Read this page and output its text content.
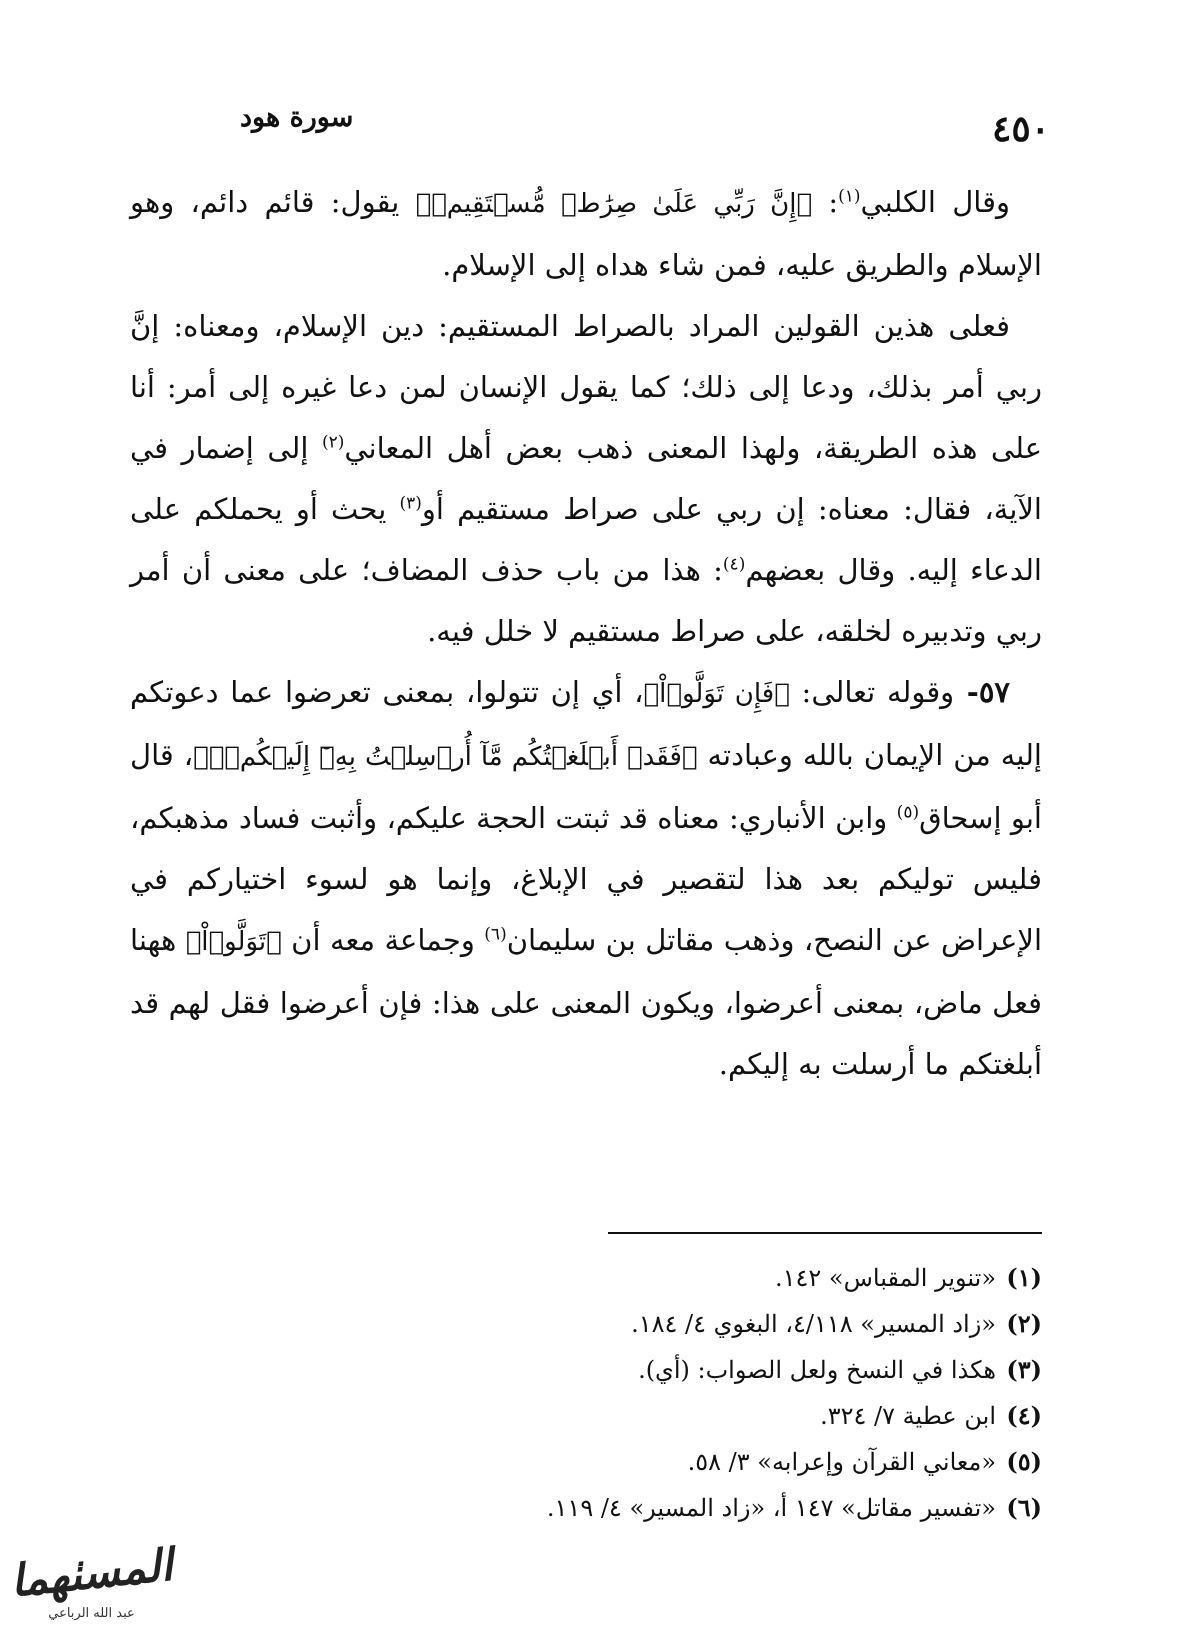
٤٥٠
سورة هود

وقال الكلبي$^{(١)}$: ﴿إِنَّ رَبِّي عَلَىٰ صِرَٰطٖ مُّسۡتَقِيمٖ﴾ يقول: قائم دائم، وهو الإسلام والطريق عليه، فمن شاء هداه إلى الإسلام.

فعلى هذين القولين المراد بالصراط المستقيم: دين الإسلام، ومعناه: إنَّ ربي أمر بذلك، ودعا إلى ذلك؛ كما يقول الإنسان لمن دعا غيره إلى أمر: أنا على هذه الطريقة، ولهذا المعنى ذهب بعض أهل المعاني$^{(٢)}$ إلى إضمار في الآية، فقال: معناه: إن ربي على صراط مستقيم أو$^{(٣)}$ يحث أو يحملكم على الدعاء إليه. وقال بعضهم$^{(٤)}$: هذا من باب حذف المضاف؛ على معنى أن أمر ربي وتدبيره لخلقه، على صراط مستقيم لا خلل فيه.

٥٧- وقوله تعالى: ﴿فَإِن تَوَلَّوۡاْ﴾، أي إن تتولوا، بمعنى تعرضوا عما دعوتكم إليه من الإيمان بالله وعبادته ﴿فَقَدۡ أَبۡلَغۡتُكُم مَّآ أُرۡسِلۡتُ بِهِۦٓ إِلَيۡكُمۡۚ﴾، قال أبو إسحاق$^{(٥)}$ وابن الأنباري: معناه قد ثبتت الحجة عليكم، وأثبت فساد مذهبكم، فليس توليكم بعد هذا لتقصير في الإبلاغ، وإنما هو لسوء اختياركم في الإعراض عن النصح، وذهب مقاتل بن سليمان$^{(٦)}$ وجماعة معه أن ﴿تَوَلَّوۡاْ﴾ ههنا فعل ماض، بمعنى أعرضوا، ويكون المعنى على هذا: فإن أعرضوا فقل لهم قد أبلغتكم ما أرسلت به إليكم.

(١)«تنوير المقباس» ١٤٢.
(٢)«زاد المسير» ٤/١١٨، البغوي ٤/ ١٨٤.
(٣)هكذا في النسخ ولعل الصواب: (أي).
(٤)ابن عطية ٧/ ٣٢٤.
(٥)«معاني القرآن وإعرابه» ٣/ ٥٨.
(٦)«تفسير مقاتل» ١٤٧ أ، «زاد المسير» ٤/ ١١٩.
المسٺهما
عبد الله الرباعي
